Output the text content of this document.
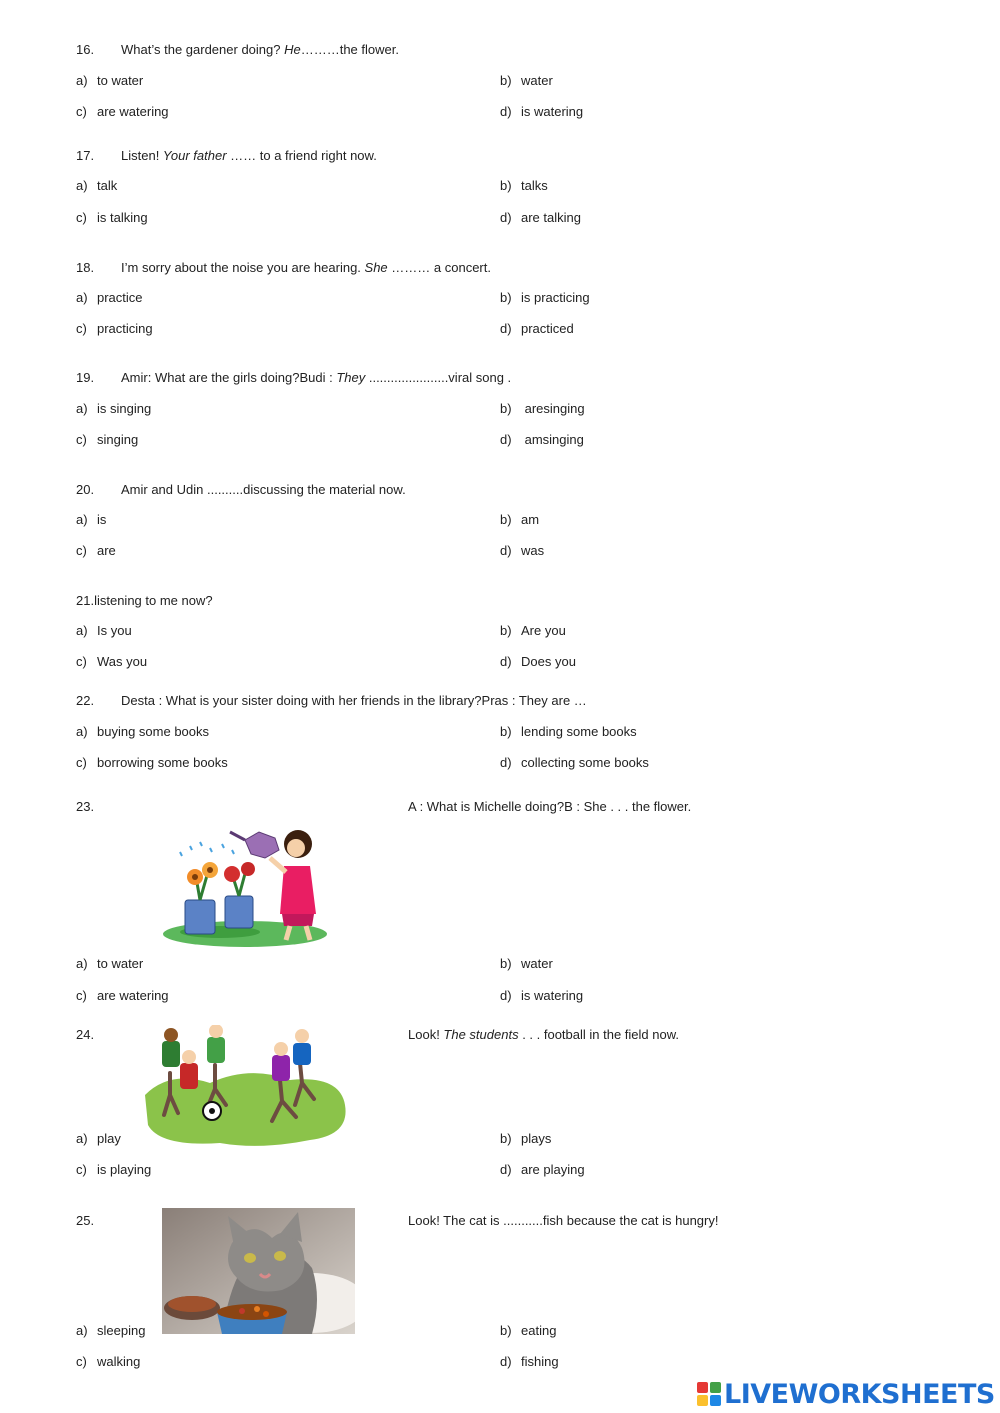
16. What’s the gardener doing? He………the flower.
a) to water	b) water
c) are watering	d) is watering
17. Listen! Your father …… to a friend right now.
a) talk	b) talks
c) is talking	d) are talking
18. I’m sorry about the noise you are hearing. She ……… a concert.
a) practice	b) is practicing
c) practicing	d) practiced
19. Amir: What are the girls doing?Budi : They ......................viral song .
a) is singing	b) aresinging
c) singing	d) amsinging
20. Amir and Udin ..........discussing the material now.
a) is	b) am
c) are	d) was
21.listening to me now?
a) Is you	b) Are you
c) Was you	d) Does you
22. Desta : What is your sister doing with her friends in the library?Pras : They are …
a) buying some books	b) lending some books
c) borrowing some books	d) collecting some books
23.	A : What is Michelle doing?B : She . . . the flower.
a) to water	b) water
c) are watering	d) is watering
24.	Look! The students . . . football in the field now.
a) play	b) plays
c) is playing	d) are playing
25.	Look! The cat is ...........fish because the cat is hungry!
a) sleeping	b) eating
c) walking	d) fishing
LIVEWORKSHEETS
